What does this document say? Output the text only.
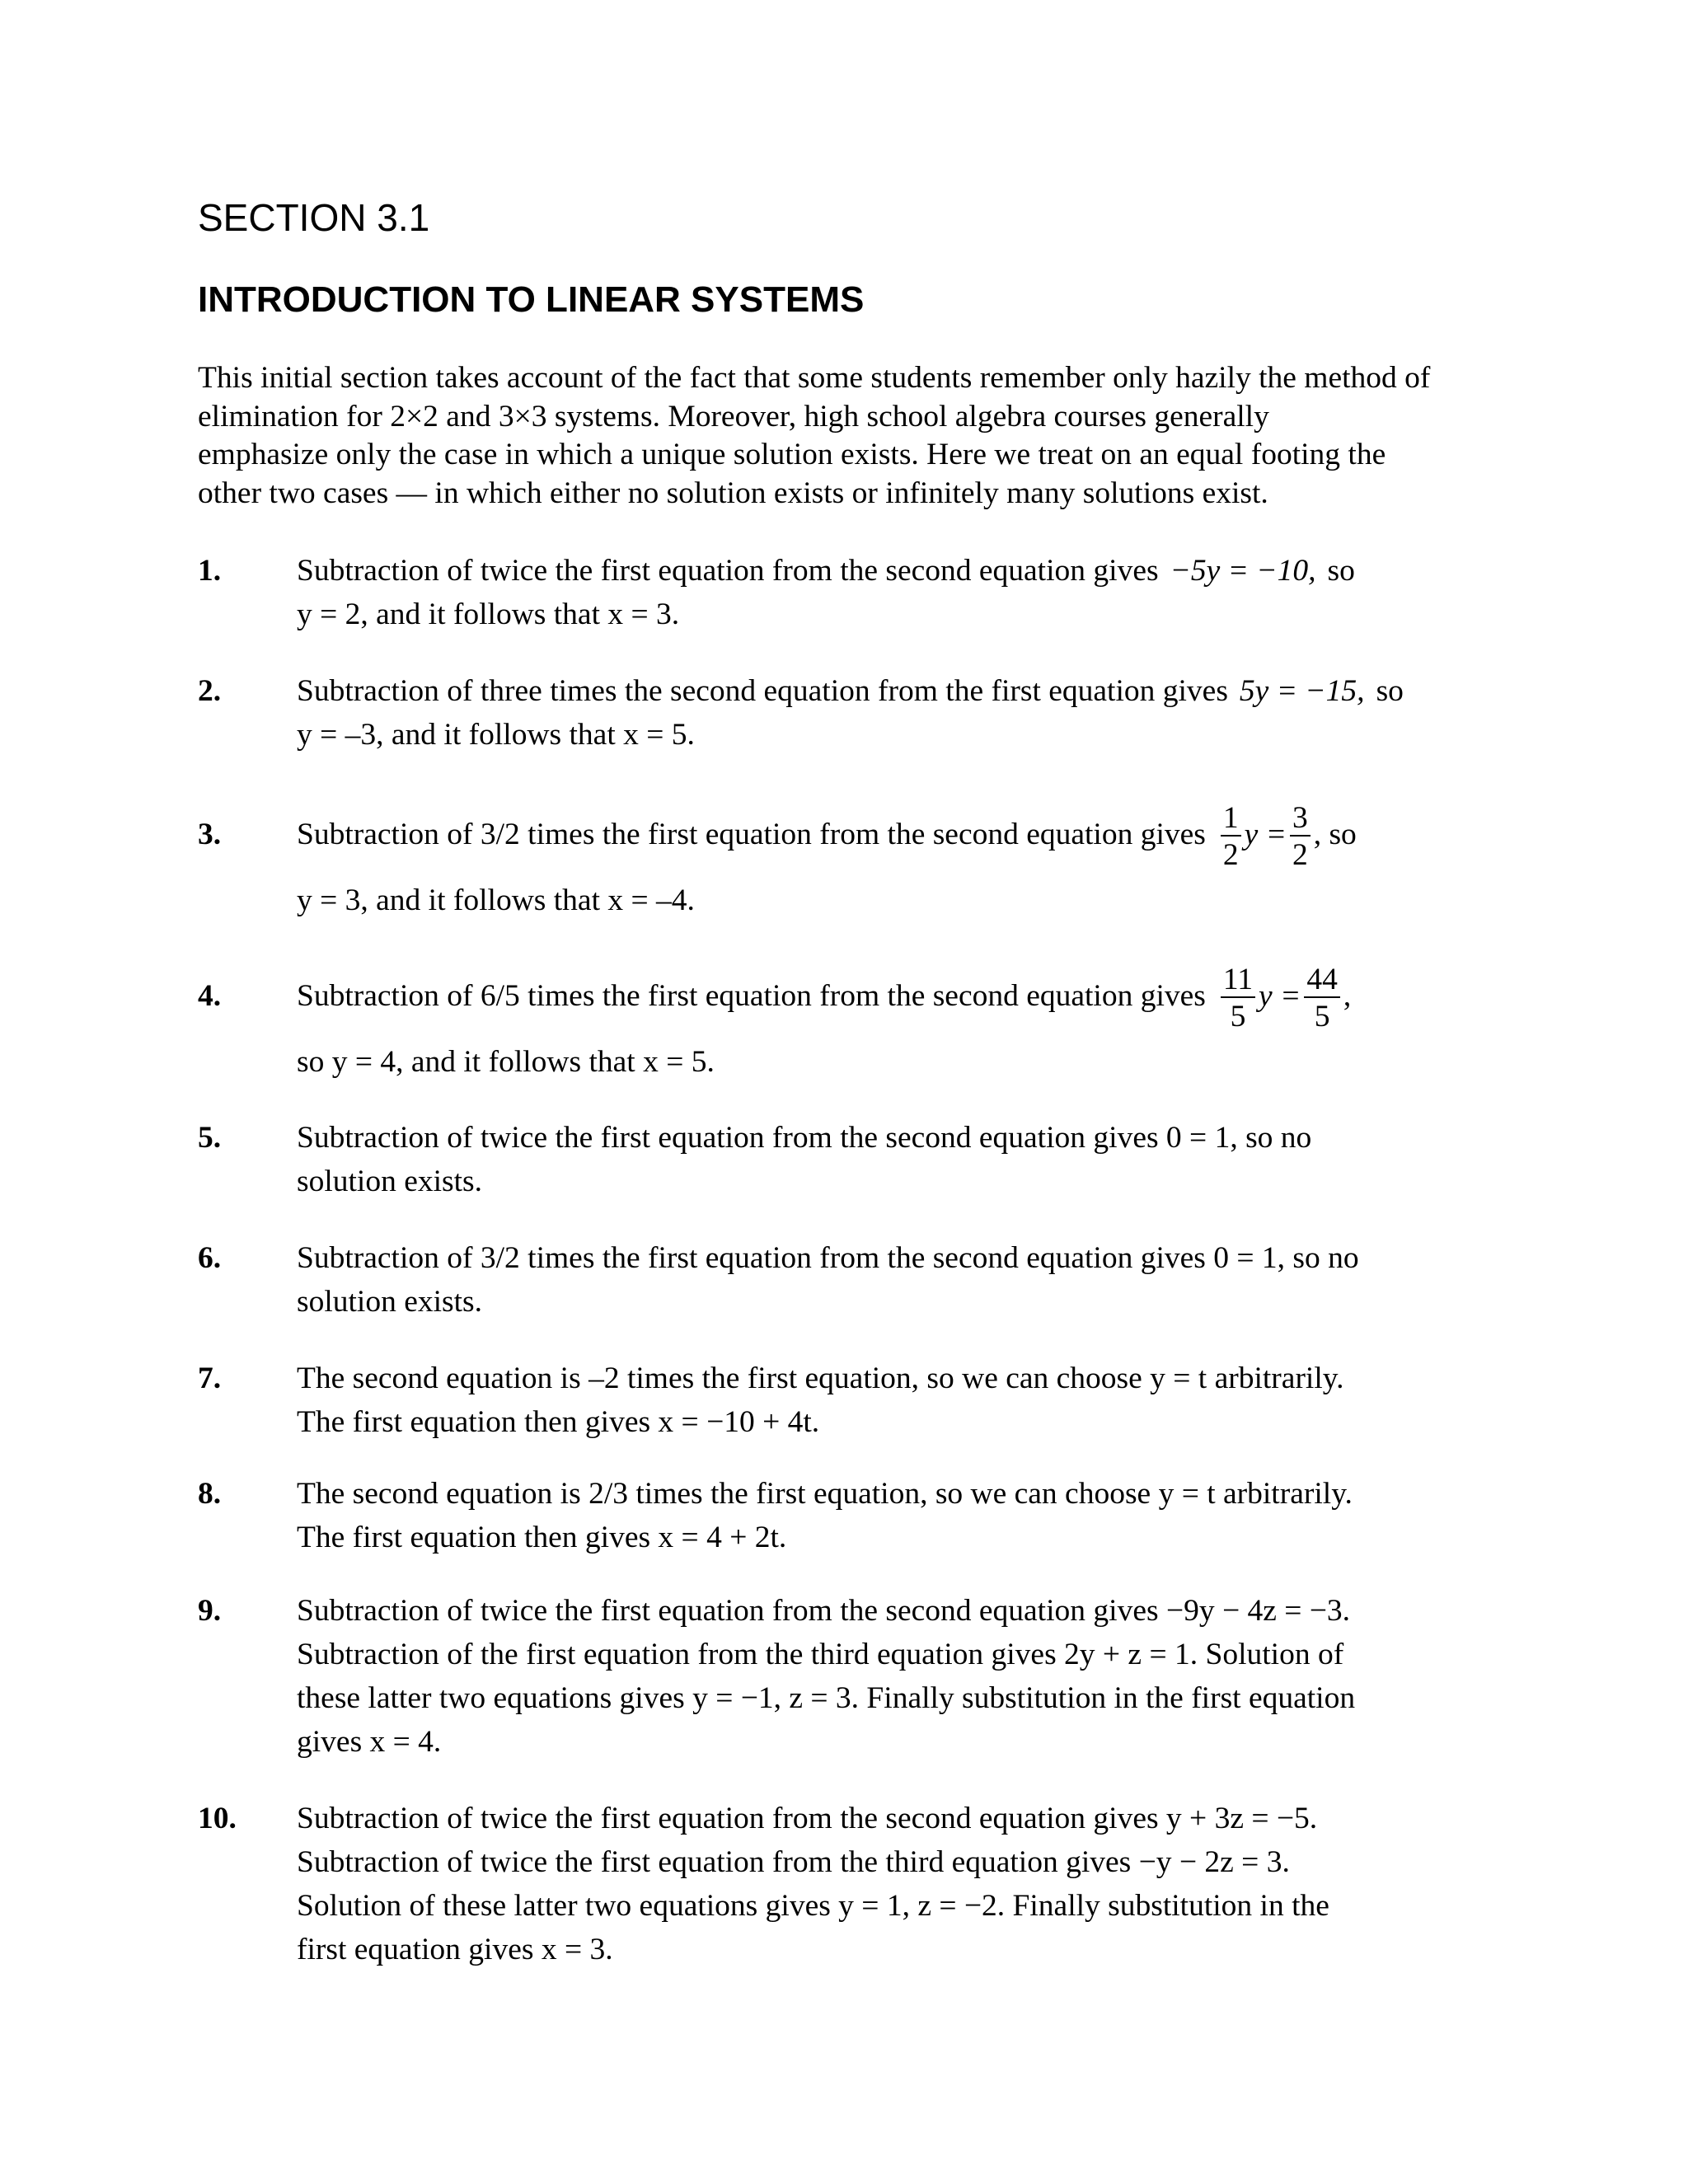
SECTION 3.1
INTRODUCTION TO LINEAR SYSTEMS
This initial section takes account of the fact that some students remember only hazily the method of
elimination for 2×2 and 3×3 systems. Moreover, high school algebra courses generally
emphasize only the case in which a unique solution exists. Here we treat on an equal footing the
other two cases — in which either no solution exists or infinitely many solutions exist.
1. Subtraction of twice the first equation from the second equation gives −5y = −10, so
y = 2, and it follows that x = 3.
2. Subtraction of three times the second equation from the first equation gives 5y = −15, so
y = –3, and it follows that x = 5.
3. Subtraction of 3/2 times the first equation from the second equation gives $\frac{1}{2}$ $y = \frac{3}{2}$ , so
y = 3, and it follows that x = –4.
4. Subtraction of 6/5 times the first equation from the second equation gives $\frac{11}{5}$ $y = \frac{44}{5}$ ,
so y = 4, and it follows that x = 5.
5. Subtraction of twice the first equation from the second equation gives 0 = 1, so no
solution exists.
6. Subtraction of 3/2 times the first equation from the second equation gives 0 = 1, so no
solution exists.
7. The second equation is –2 times the first equation, so we can choose y = t arbitrarily.
The first equation then gives x = −10 + 4t.
8. The second equation is 2/3 times the first equation, so we can choose y = t arbitrarily.
The first equation then gives x = 4 + 2t.
9. Subtraction of twice the first equation from the second equation gives −9y − 4z = −3.
Subtraction of the first equation from the third equation gives 2y + z = 1. Solution of
these latter two equations gives y = −1, z = 3. Finally substitution in the first equation
gives x = 4.
10. Subtraction of twice the first equation from the second equation gives y + 3z = −5.
Subtraction of twice the first equation from the third equation gives −y − 2z = 3.
Solution of these latter two equations gives y = 1, z = −2. Finally substitution in the
first equation gives x = 3.
